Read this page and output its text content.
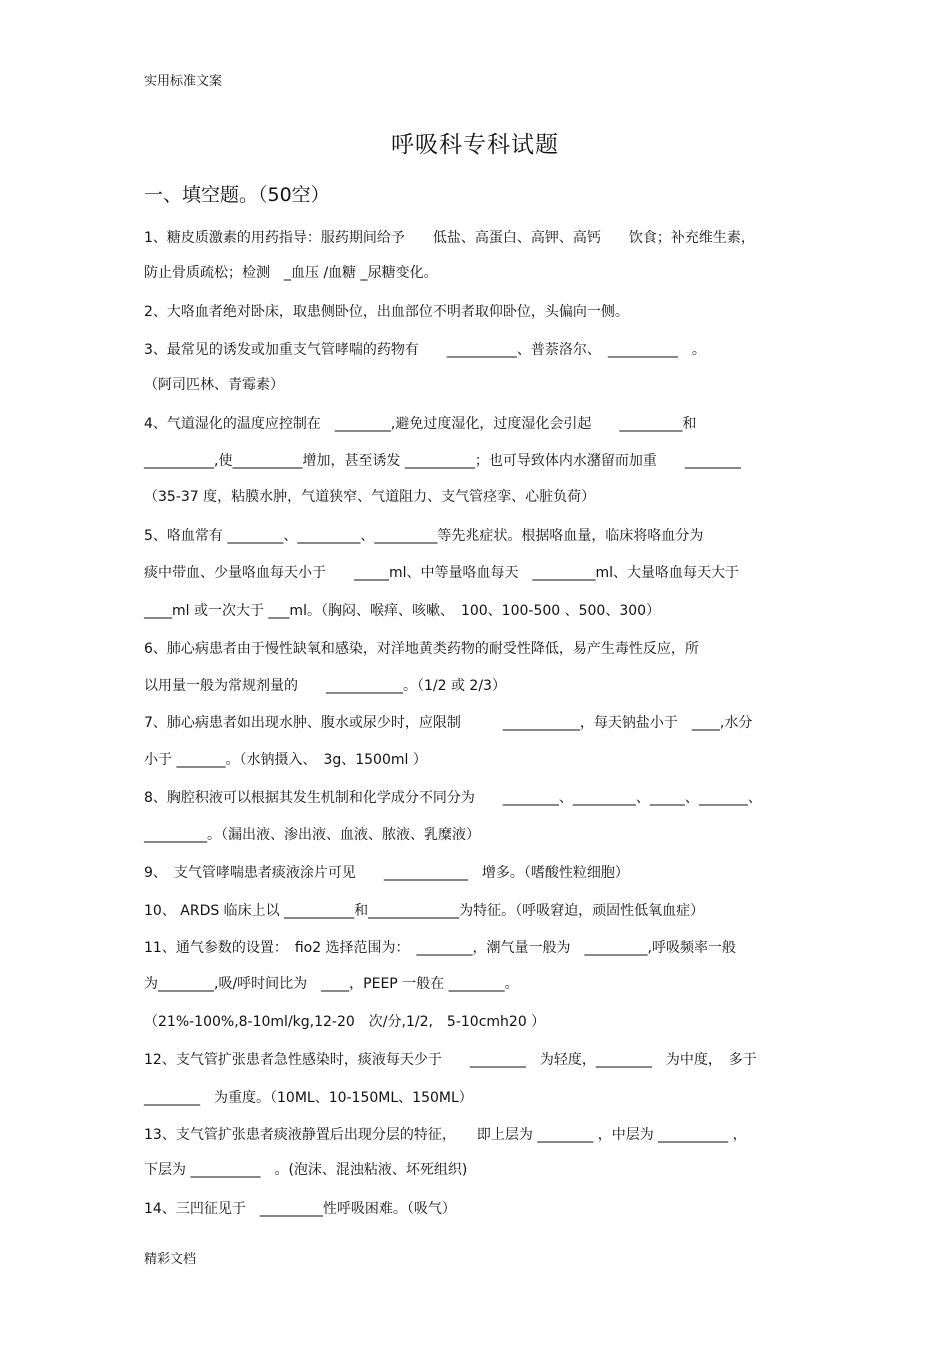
实用标准文案
呼吸科专科试题
一、填空题。（50空）
1、糖皮质激素的用药指导：服药期间给予　　低盐、高蛋白、高钾、高钙　　饮食；补充维生素，
防止骨质疏松；检测　_血压 /血糖 _尿糖变化。
2、大咯血者绝对卧床，取患侧卧位，出血部位不明者取仰卧位，头偏向一侧。
3、最常见的诱发或加重支气管哮喘的药物有　　__________、普萘洛尔、　__________　。
（阿司匹林、青霉素）
4、气道湿化的温度应控制在　________,避免过度湿化，过度湿化会引起　　_________和
__________,使__________增加，甚至诱发 __________；也可导致体内水潴留而加重　　________
（35-37 度，粘膜水肿，气道狭窄、气道阻力、支气管痉挛、心脏负荷）
5、咯血常有 ________、_________、_________等先兆症状。根据咯血量，临床将咯血分为
痰中带血、少量咯血每天小于　　_____ml、中等量咯血每天　_________ml、大量咯血每天大于
____ml 或一次大于 ___ml。（胸闷、喉痒、咳嗽、　100、100-500 、500、300）
6、肺心病患者由于慢性缺氧和感染，对洋地黄类药物的耐受性降低，易产生毒性反应，所
以用量一般为常规剂量的　　___________。（1/2 或 2/3）
7、肺心病患者如出现水肿、腹水或尿少时，应限制　　　___________，每天钠盐小于　____,水分
小于 _______。（水钠摄入、　3g、1500ml ）
8、胸腔积液可以根据其发生机制和化学成分不同分为　　________、_________、_____、_______、
_________。（漏出液、渗出液、血液、脓液、乳糜液）
9、　支气管哮喘患者痰液涂片可见　　____________　增多。（嗜酸性粒细胞）
10、 ARDS 临床上以 __________和_____________为特征。（呼吸窘迫，顽固性低氧血症）
11、通气参数的设置：　fio2 选择范围为：　________，潮气量一般为　_________,呼吸频率一般
为________,吸/呼时间比为　____，PEEP 一般在 ________。
（21%-100%,8-10ml/kg,12-20　次/分,1/2,　5-10cmh20 ）
12、支气管扩张患者急性感染时，痰液每天少于　　________　为轻度，________　为中度，　多于
________　为重度。（10ML、10-150ML、150ML）
13、支气管扩张患者痰液静置后出现分层的特征，　　即上层为 ________ ，中层为 __________ ，
下层为 __________　。(泡沫、混浊粘液、坏死组织)
14、三凹征见于　_________性呼吸困难。（吸气）
精彩文档
